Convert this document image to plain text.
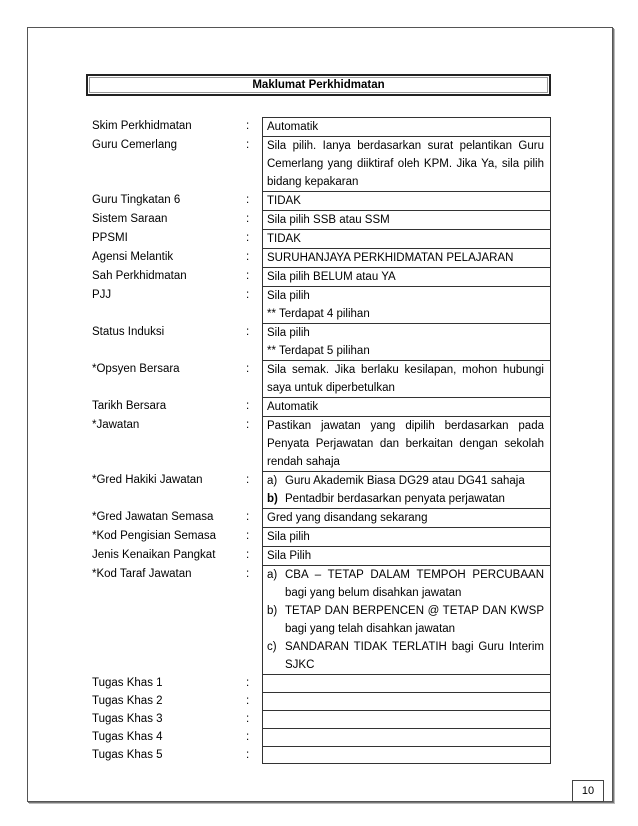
Maklumat Perkhidmatan
Skim Perkhidmatan	:	Automatik
Guru Cemerlang	:	Sila pilih. Ianya berdasarkan surat pelantikan Guru Cemerlang yang diiktiraf oleh KPM. Jika Ya, sila pilih bidang kepakaran
Guru Tingkatan 6	:	TIDAK
Sistem Saraan	:	Sila pilih SSB atau SSM
PPSMI	:	TIDAK
Agensi Melantik	:	SURUHANJAYA PERKHIDMATAN PELAJARAN
Sah Perkhidmatan	:	Sila pilih BELUM atau YA
PJJ	:	Sila pilih
** Terdapat 4 pilihan
Status Induksi	:	Sila pilih
** Terdapat 5 pilihan
*Opsyen Bersara	:	Sila semak. Jika berlaku kesilapan, mohon hubungi saya untuk diperbetulkan
Tarikh Bersara	:	Automatik
*Jawatan	:	Pastikan jawatan yang dipilih berdasarkan pada Penyata Perjawatan dan berkaitan dengan sekolah rendah sahaja
*Gred Hakiki Jawatan	:	a) Guru Akademik Biasa DG29 atau DG41 sahaja
b) Pentadbir berdasarkan penyata perjawatan
*Gred Jawatan Semasa	:	Gred yang disandang sekarang
*Kod Pengisian Semasa	:	Sila pilih
Jenis Kenaikan Pangkat	:	Sila Pilih
*Kod Taraf Jawatan	:	a) CBA – TETAP DALAM TEMPOH PERCUBAAN bagi yang belum disahkan jawatan
b) TETAP DAN BERPENCEN @ TETAP DAN KWSP bagi yang telah disahkan jawatan
c) SANDARAN TIDAK TERLATIH bagi Guru Interim SJKC
Tugas Khas 1	:
Tugas Khas 2	:
Tugas Khas 3	:
Tugas Khas 4	:
Tugas Khas 5	:
10
